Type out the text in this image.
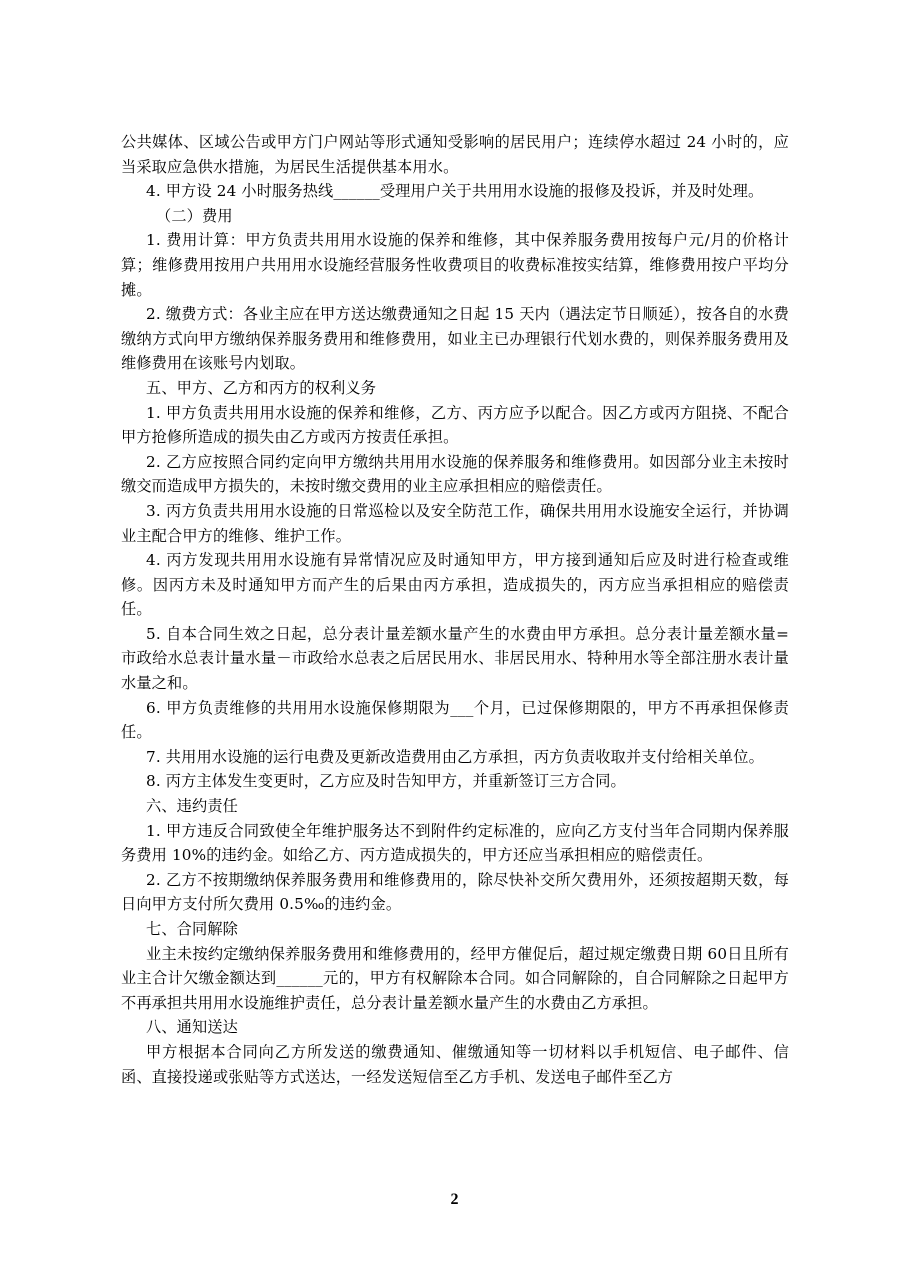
公共媒体、区域公告或甲方门户网站等形式通知受影响的居民用户；连续停水超过 24 小时的，应当采取应急供水措施，为居民生活提供基本用水。

4. 甲方设 24 小时服务热线______受理用户关于共用用水设施的报修及投诉，并及时处理。

（二）费用

1. 费用计算：甲方负责共用用水设施的保养和维修，其中保养服务费用按每户元/月的价格计算；维修费用按用户共用用水设施经营服务性收费项目的收费标准按实结算，维修费用按户平均分摊。

2. 缴费方式：各业主应在甲方送达缴费通知之日起 15 天内（遇法定节日顺延），按各自的水费缴纳方式向甲方缴纳保养服务费用和维修费用，如业主已办理银行代划水费的，则保养服务费用及维修费用在该账号内划取。

五、甲方、乙方和丙方的权利义务

1. 甲方负责共用用水设施的保养和维修，乙方、丙方应予以配合。因乙方或丙方阻挠、不配合甲方抢修所造成的损失由乙方或丙方按责任承担。

2. 乙方应按照合同约定向甲方缴纳共用用水设施的保养服务和维修费用。如因部分业主未按时缴交而造成甲方损失的，未按时缴交费用的业主应承担相应的赔偿责任。

3. 丙方负责共用用水设施的日常巡检以及安全防范工作，确保共用用水设施安全运行，并协调业主配合甲方的维修、维护工作。

4. 丙方发现共用用水设施有异常情况应及时通知甲方，甲方接到通知后应及时进行检查或维修。因丙方未及时通知甲方而产生的后果由丙方承担，造成损失的，丙方应当承担相应的赔偿责任。

5. 自本合同生效之日起，总分表计量差额水量产生的水费由甲方承担。总分表计量差额水量=市政给水总表计量水量－市政给水总表之后居民用水、非居民用水、特种用水等全部注册水表计量水量之和。

6. 甲方负责维修的共用用水设施保修期限为___个月，已过保修期限的，甲方不再承担保修责任。

7. 共用用水设施的运行电费及更新改造费用由乙方承担，丙方负责收取并支付给相关单位。

8. 丙方主体发生变更时，乙方应及时告知甲方，并重新签订三方合同。

六、违约责任

1. 甲方违反合同致使全年维护服务达不到附件约定标准的，应向乙方支付当年合同期内保养服务费用 10%的违约金。如给乙方、丙方造成损失的，甲方还应当承担相应的赔偿责任。

2. 乙方不按期缴纳保养服务费用和维修费用的，除尽快补交所欠费用外，还须按超期天数，每日向甲方支付所欠费用 0.5‰的违约金。

七、合同解除

业主未按约定缴纳保养服务费用和维修费用的，经甲方催促后，超过规定缴费日期 60日且所有业主合计欠缴金额达到______元的，甲方有权解除本合同。如合同解除的，自合同解除之日起甲方不再承担共用用水设施维护责任，总分表计量差额水量产生的水费由乙方承担。

八、通知送达

甲方根据本合同向乙方所发送的缴费通知、催缴通知等一切材料以手机短信、电子邮件、信函、直接投递或张贴等方式送达，一经发送短信至乙方手机、发送电子邮件至乙方

2
